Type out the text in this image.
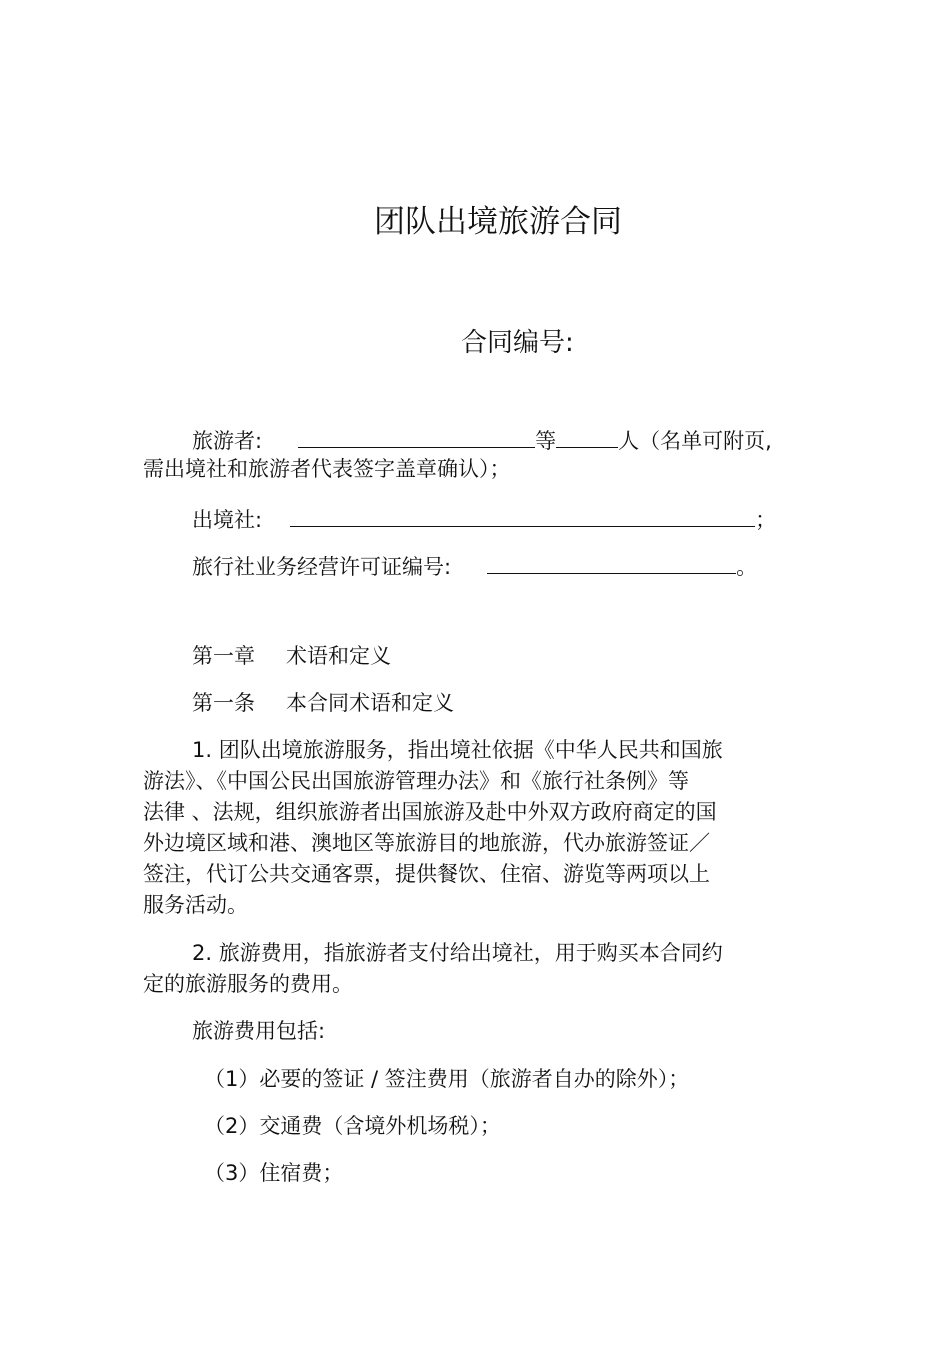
团队出境旅游合同
合同编号:
旅游者:	等	人（名单可附页,
需出境社和旅游者代表签字盖章确认）；
出境社:	；
旅行社业务经营许可证编号:	。
第一章 术语和定义
第一条 本合同术语和定义
1. 团队出境旅游服务，指出境社依据《中华人民共和国旅
游法》、《中国公民出国旅游管理办法》和《旅行社条例》等
法律 、法规，组织旅游者出国旅游及赴中外双方政府商定的国
外边境区域和港、澳地区等旅游目的地旅游，代办旅游签证／
签注，代订公共交通客票，提供餐饮、住宿、游览等两项以上
服务活动。
2. 旅游费用，指旅游者支付给出境社，用于购买本合同约
定的旅游服务的费用。
旅游费用包括:
（1）必要的签证 / 签注费用（旅游者自办的除外）；
（2）交通费（含境外机场税）；
（3）住宿费；
